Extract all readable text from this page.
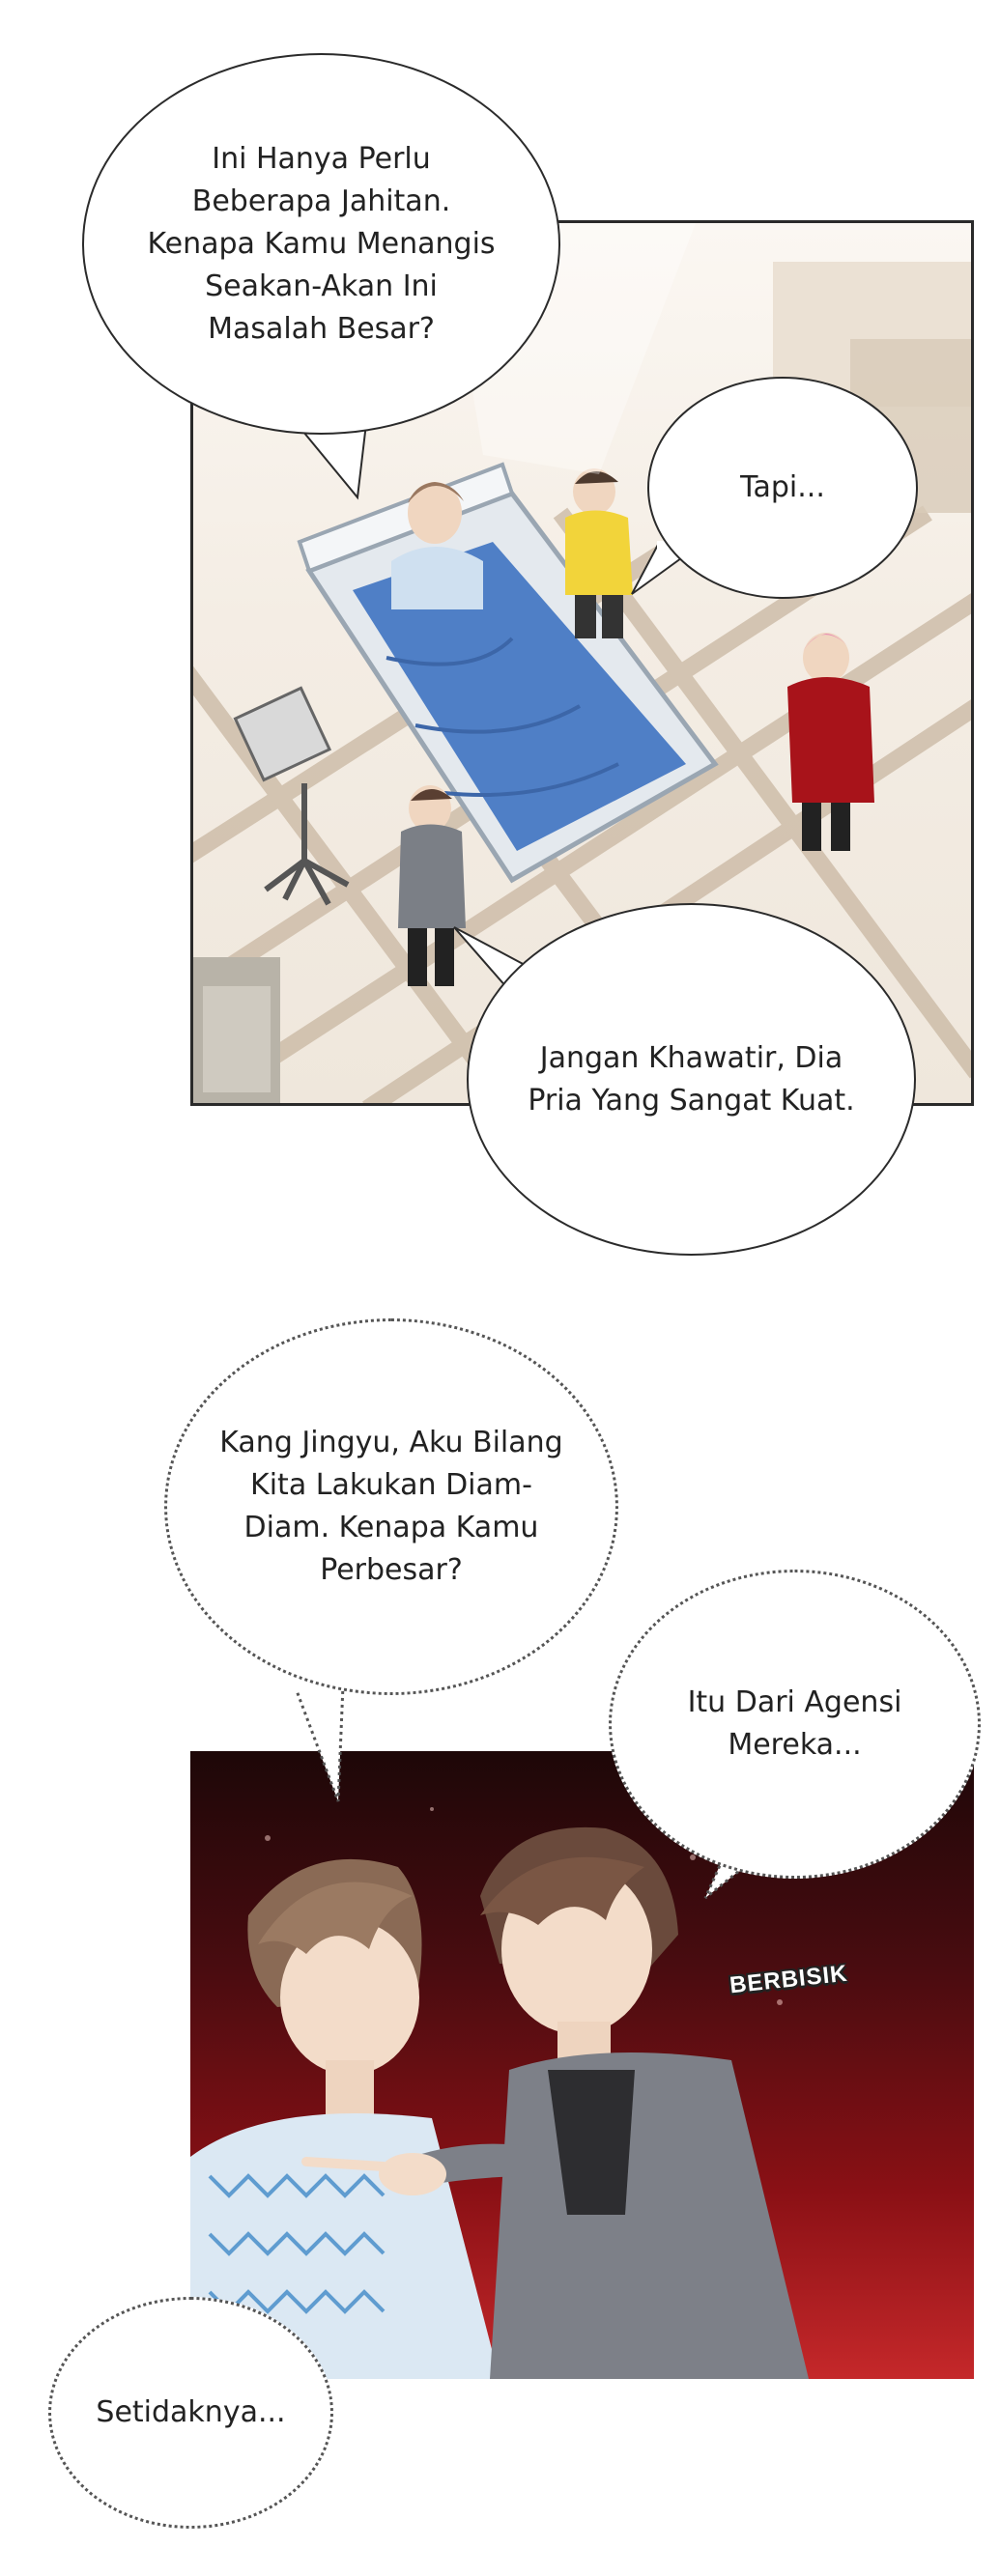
Ini Hanya Perlu Beberapa Jahitan. Kenapa Kamu Menangis Seakan-Akan Ini Masalah Besar?
Tapi...
Jangan Khawatir, Dia Pria Yang Sangat Kuat.
Kang Jingyu, Aku Bilang Kita Lakukan Diam-Diam. Kenapa Kamu Perbesar?
Itu Dari Agensi Mereka...
BERBISIK
Setidaknya...
